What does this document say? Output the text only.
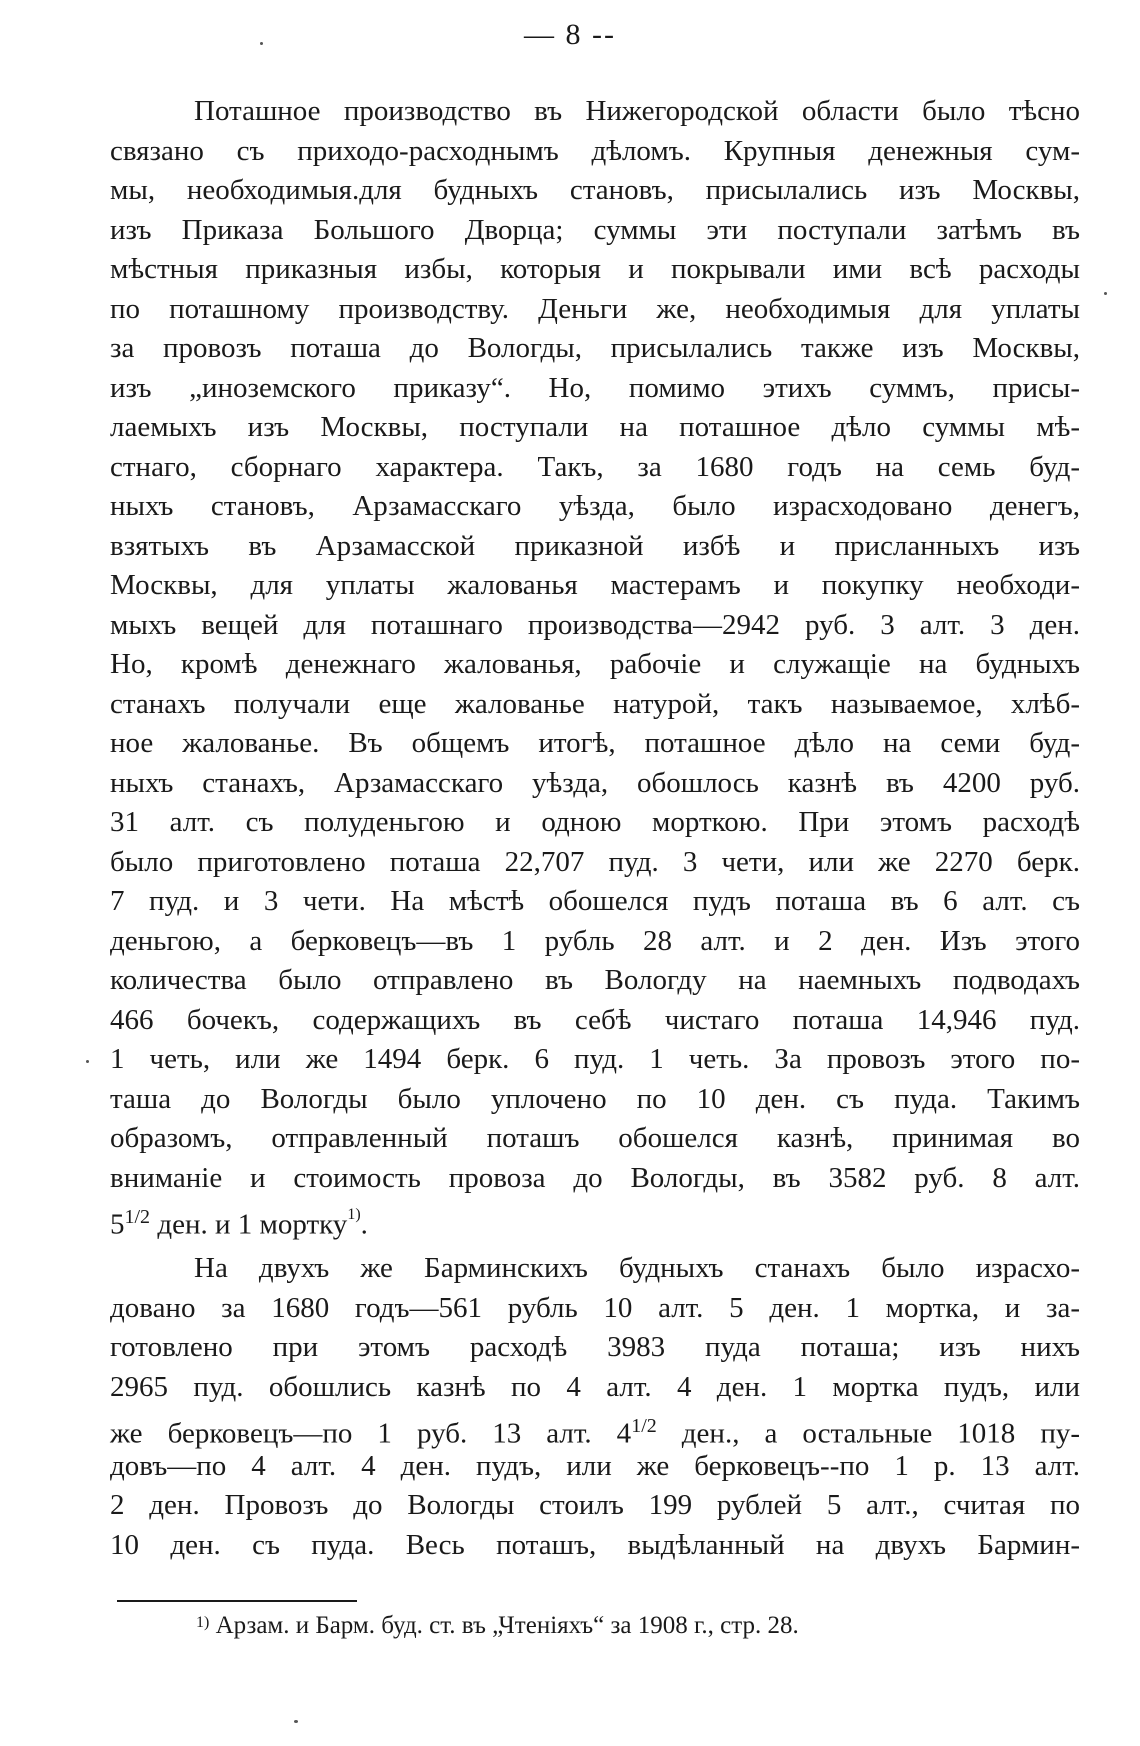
— 8 --
Поташное производство въ Нижегородской области было тѣсно
связано съ приходо-расходнымъ дѣломъ. Крупныя денежныя сум-
мы, необходимыя.для будныхъ становъ, присылались изъ Москвы,
изъ Приказа Большого Дворца; суммы эти поступали затѣмъ въ
мѣстныя приказныя избы, которыя и покрывали ими всѣ расходы
по поташному производству. Деньги же, необходимыя для уплаты
за провозъ поташа до Вологды, присылались также изъ Москвы,
изъ „иноземского приказу“. Но, помимо этихъ суммъ, присы-
лаемыхъ изъ Москвы, поступали на поташное дѣло суммы мѣ-
стнаго, сборнаго характера. Такъ, за 1680 годъ на семь буд-
ныхъ становъ, Арзамасскаго уѣзда, было израсходовано денегъ,
взятыхъ въ Арзамасской приказной избѣ и присланныхъ изъ
Москвы, для уплаты жалованья мастерамъ и покупку необходи-
мыхъ вещей для поташнаго производства—2942 руб. 3 алт. 3 ден.
Но, кромѣ денежнаго жалованья, рабочіе и служащіе на будныхъ
станахъ получали еще жалованье натурой, такъ называемое, хлѣб-
ное жалованье. Въ общемъ итогѣ, поташное дѣло на семи буд-
ныхъ станахъ, Арзамасскаго уѣзда, обошлось казнѣ въ 4200 руб.
31 алт. съ полуденьгою и одною морткою. При этомъ расходѣ
было приготовлено поташа 22,707 пуд. 3 чети, или же 2270 берк.
7 пуд. и 3 чети. На мѣстѣ обошелся пудъ поташа въ 6 алт. съ
деньгою, а берковецъ—въ 1 рубль 28 алт. и 2 ден. Изъ этого
количества было отправлено въ Вологду на наемныхъ подводахъ
466 бочекъ, содержащихъ въ себѣ чистаго поташа 14,946 пуд.
1 четь, или же 1494 берк. 6 пуд. 1 четь. За провозъ этого по-
таша до Вологды было уплочено по 10 ден. съ пуда. Такимъ
образомъ, отправленный поташъ обошелся казнѣ, принимая во
вниманіе и стоимость провоза до Вологды, въ 3582 руб. 8 алт.
$5^{1/2}$ ден. и 1 мортку$^{1)}$.
На двухъ же Барминскихъ будныхъ станахъ было израсхо-
довано за 1680 годъ—561 рубль 10 алт. 5 ден. 1 мортка, и за-
готовлено при этомъ расходѣ 3983 пуда поташа; изъ нихъ
2965 пуд. обошлись казнѣ по 4 алт. 4 ден. 1 мортка пудъ, или
же берковецъ—по 1 руб. 13 алт. $4^{1/2}$ ден., а остальные 1018 пу-
довъ—по 4 алт. 4 ден. пудъ, или же берковецъ--по 1 р. 13 алт.
2 ден. Провозъ до Вологды стоилъ 199 рублей 5 алт., считая по
10 ден. съ пуда. Весь поташъ, выдѣланный на двухъ Бармин-
$^{1)}$ Арзам. и Барм. буд. ст. въ „Чтеніяхъ“ за 1908 г., стр. 28.
